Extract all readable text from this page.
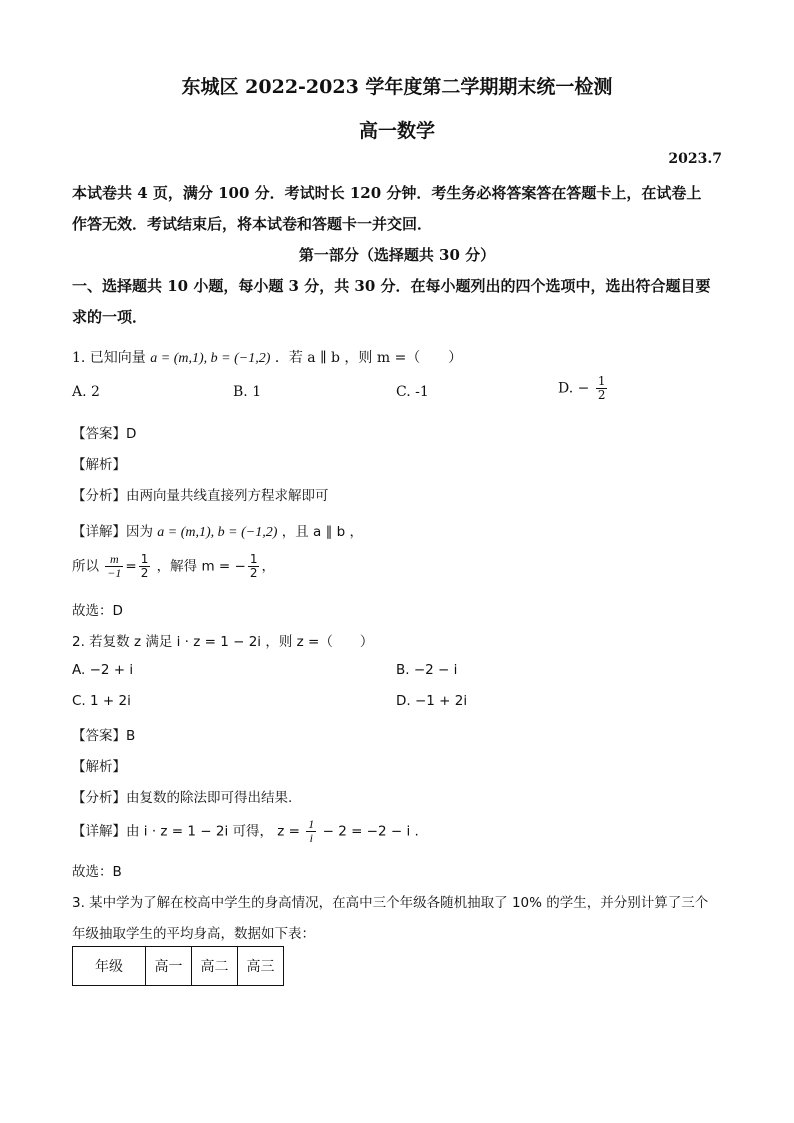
东城区 2022-2023 学年度第二学期期末统一检测
高一数学
2023.7
本试卷共 4 页，满分 100 分．考试时长 120 分钟．考生务必将答案答在答题卡上，在试卷上
作答无效．考试结束后，将本试卷和答题卡一并交回．
第一部分（选择题共 30 分）
一、选择题共 10 小题，每小题 3 分，共 30 分．在每小题列出的四个选项中，选出符合题目要
求的一项．
1. 已知向量 a = (m,1), b = (−1,2) ．若 a ∥ b ，则 m =（　　）
A. 2	B. 1	C. -1	D. − $\frac{1}{2}$
【答案】D
【解析】
【分析】由两向量共线直接列方程求解即可
【详解】因为 a = (m,1), b = (−1,2) ，且 a ∥ b ，
所以 $\frac{m}{-1} = \frac{1}{2}$ ，解得 m = − $\frac{1}{2}$ ，
故选：D
2. 若复数 z 满足 i · z = 1 − 2i ，则 z =（　　）
A. −2 + i	B. −2 − i
C. 1 + 2i	D. −1 + 2i
【答案】B
【解析】
【分析】由复数的除法即可得出结果.
【详解】由 i · z = 1 − 2i 可得， $z = \frac{1}{i} - 2 = -2 - i$ .
故选：B
3. 某中学为了解在校高中学生的身高情况，在高中三个年级各随机抽取了 10% 的学生，并分别计算了三个
年级抽取学生的平均身高，数据如下表：
年级	高一	高二	高三
